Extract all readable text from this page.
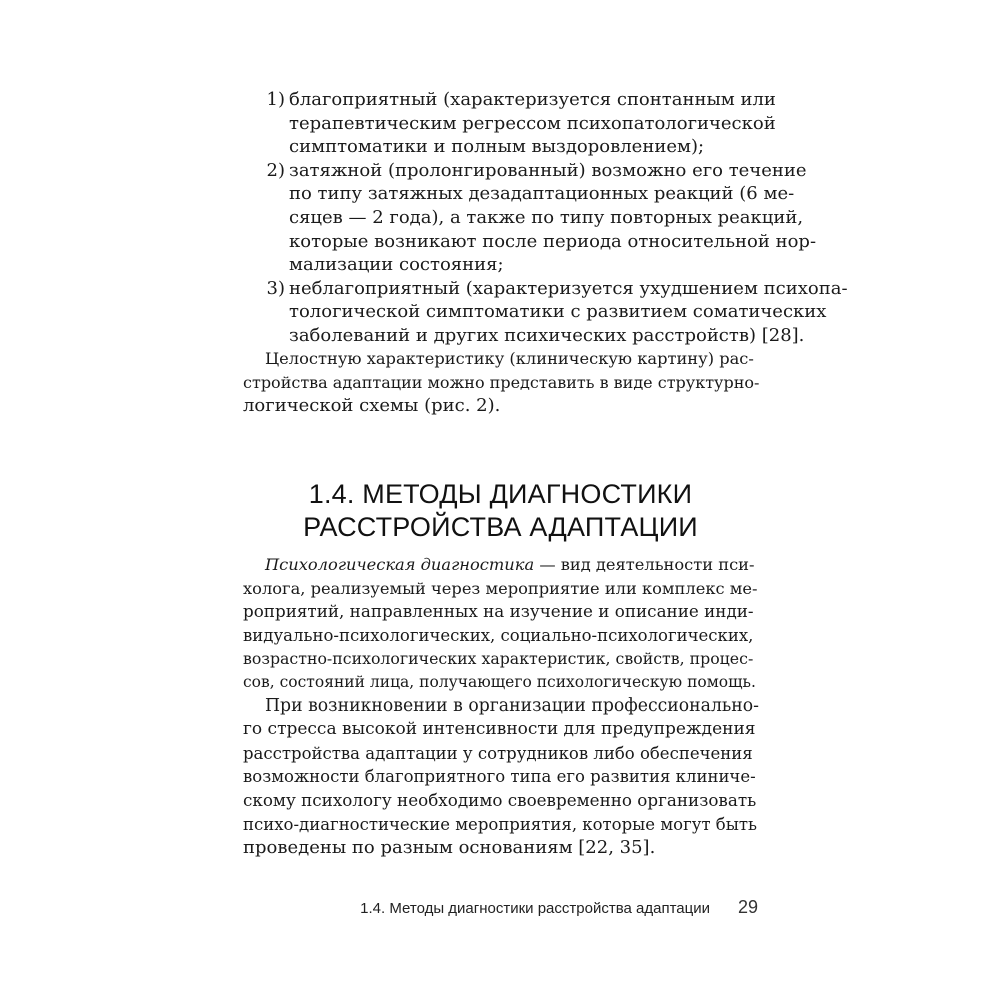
1) благоприятный (характеризуется спонтанным или
терапевтическим регрессом психопатологической
симптоматики и полным выздоровлением);
2) затяжной (пролонгированный) возможно его течение
по типу затяжных дезадаптационных реакций (6 ме-
сяцев — 2 года), а также по типу повторных реакций,
которые возникают после периода относительной нор-
мализации состояния;
3) неблагоприятный (характеризуется ухудшением психопа-
тологической симптоматики с развитием соматических
заболеваний и других психических расстройств) [28].
Целостную характеристику (клиническую картину) рас-
стройства адаптации можно представить в виде структурно-
логической схемы (рис. 2).
1.4. МЕТОДЫ ДИАГНОСТИКИ
РАССТРОЙСТВА АДАПТАЦИИ
Психологическая диагностика — вид деятельности пси-
холога, реализуемый через мероприятие или комплекс ме-
роприятий, направленных на изучение и описание инди-
видуально-психологических, социально-психологических,
возрастно-психологических характеристик, свойств, процес-
сов, состояний лица, получающего психологическую помощь.
При возникновении в организации профессионально-
го стресса высокой интенсивности для предупреждения
расстройства адаптации у сотрудников либо обеспечения
возможности благоприятного типа его развития клиниче-
скому психологу необходимо своевременно организовать
психо-диагностические мероприятия, которые могут быть
проведены по разным основаниям [22, 35].
1.4. Методы диагностики расстройства адаптации 29
